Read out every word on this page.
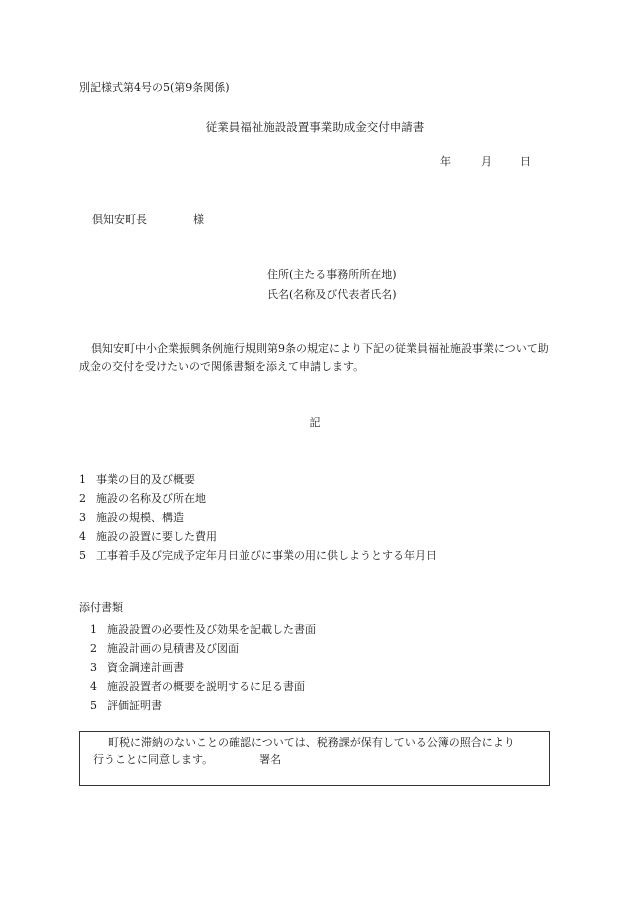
別記様式第4号の5(第9条関係)
従業員福祉施設設置事業助成金交付申請書
年	月	日
倶知安町長	様
住所(主たる事務所所在地)
氏名(名称及び代表者氏名)
倶知安町中小企業振興条例施行規則第9条の規定により下記の従業員福祉施設事業について助成金の交付を受けたいので関係書類を添えて申請します。
記
1 事業の目的及び概要
2 施設の名称及び所在地
3 施設の規模、構造
4 施設の設置に要した費用
5 工事着手及び完成予定年月日並びに事業の用に供しようとする年月日
添付書類
1 施設設置の必要性及び効果を記載した書面
2 施設計画の見積書及び図面
3 資金調達計画書
4 施設設置者の概要を説明するに足る書面
5 評価証明書
町税に滞納のないことの確認については、税務課が保有している公簿の照合により
行うことに同意します。	署名
